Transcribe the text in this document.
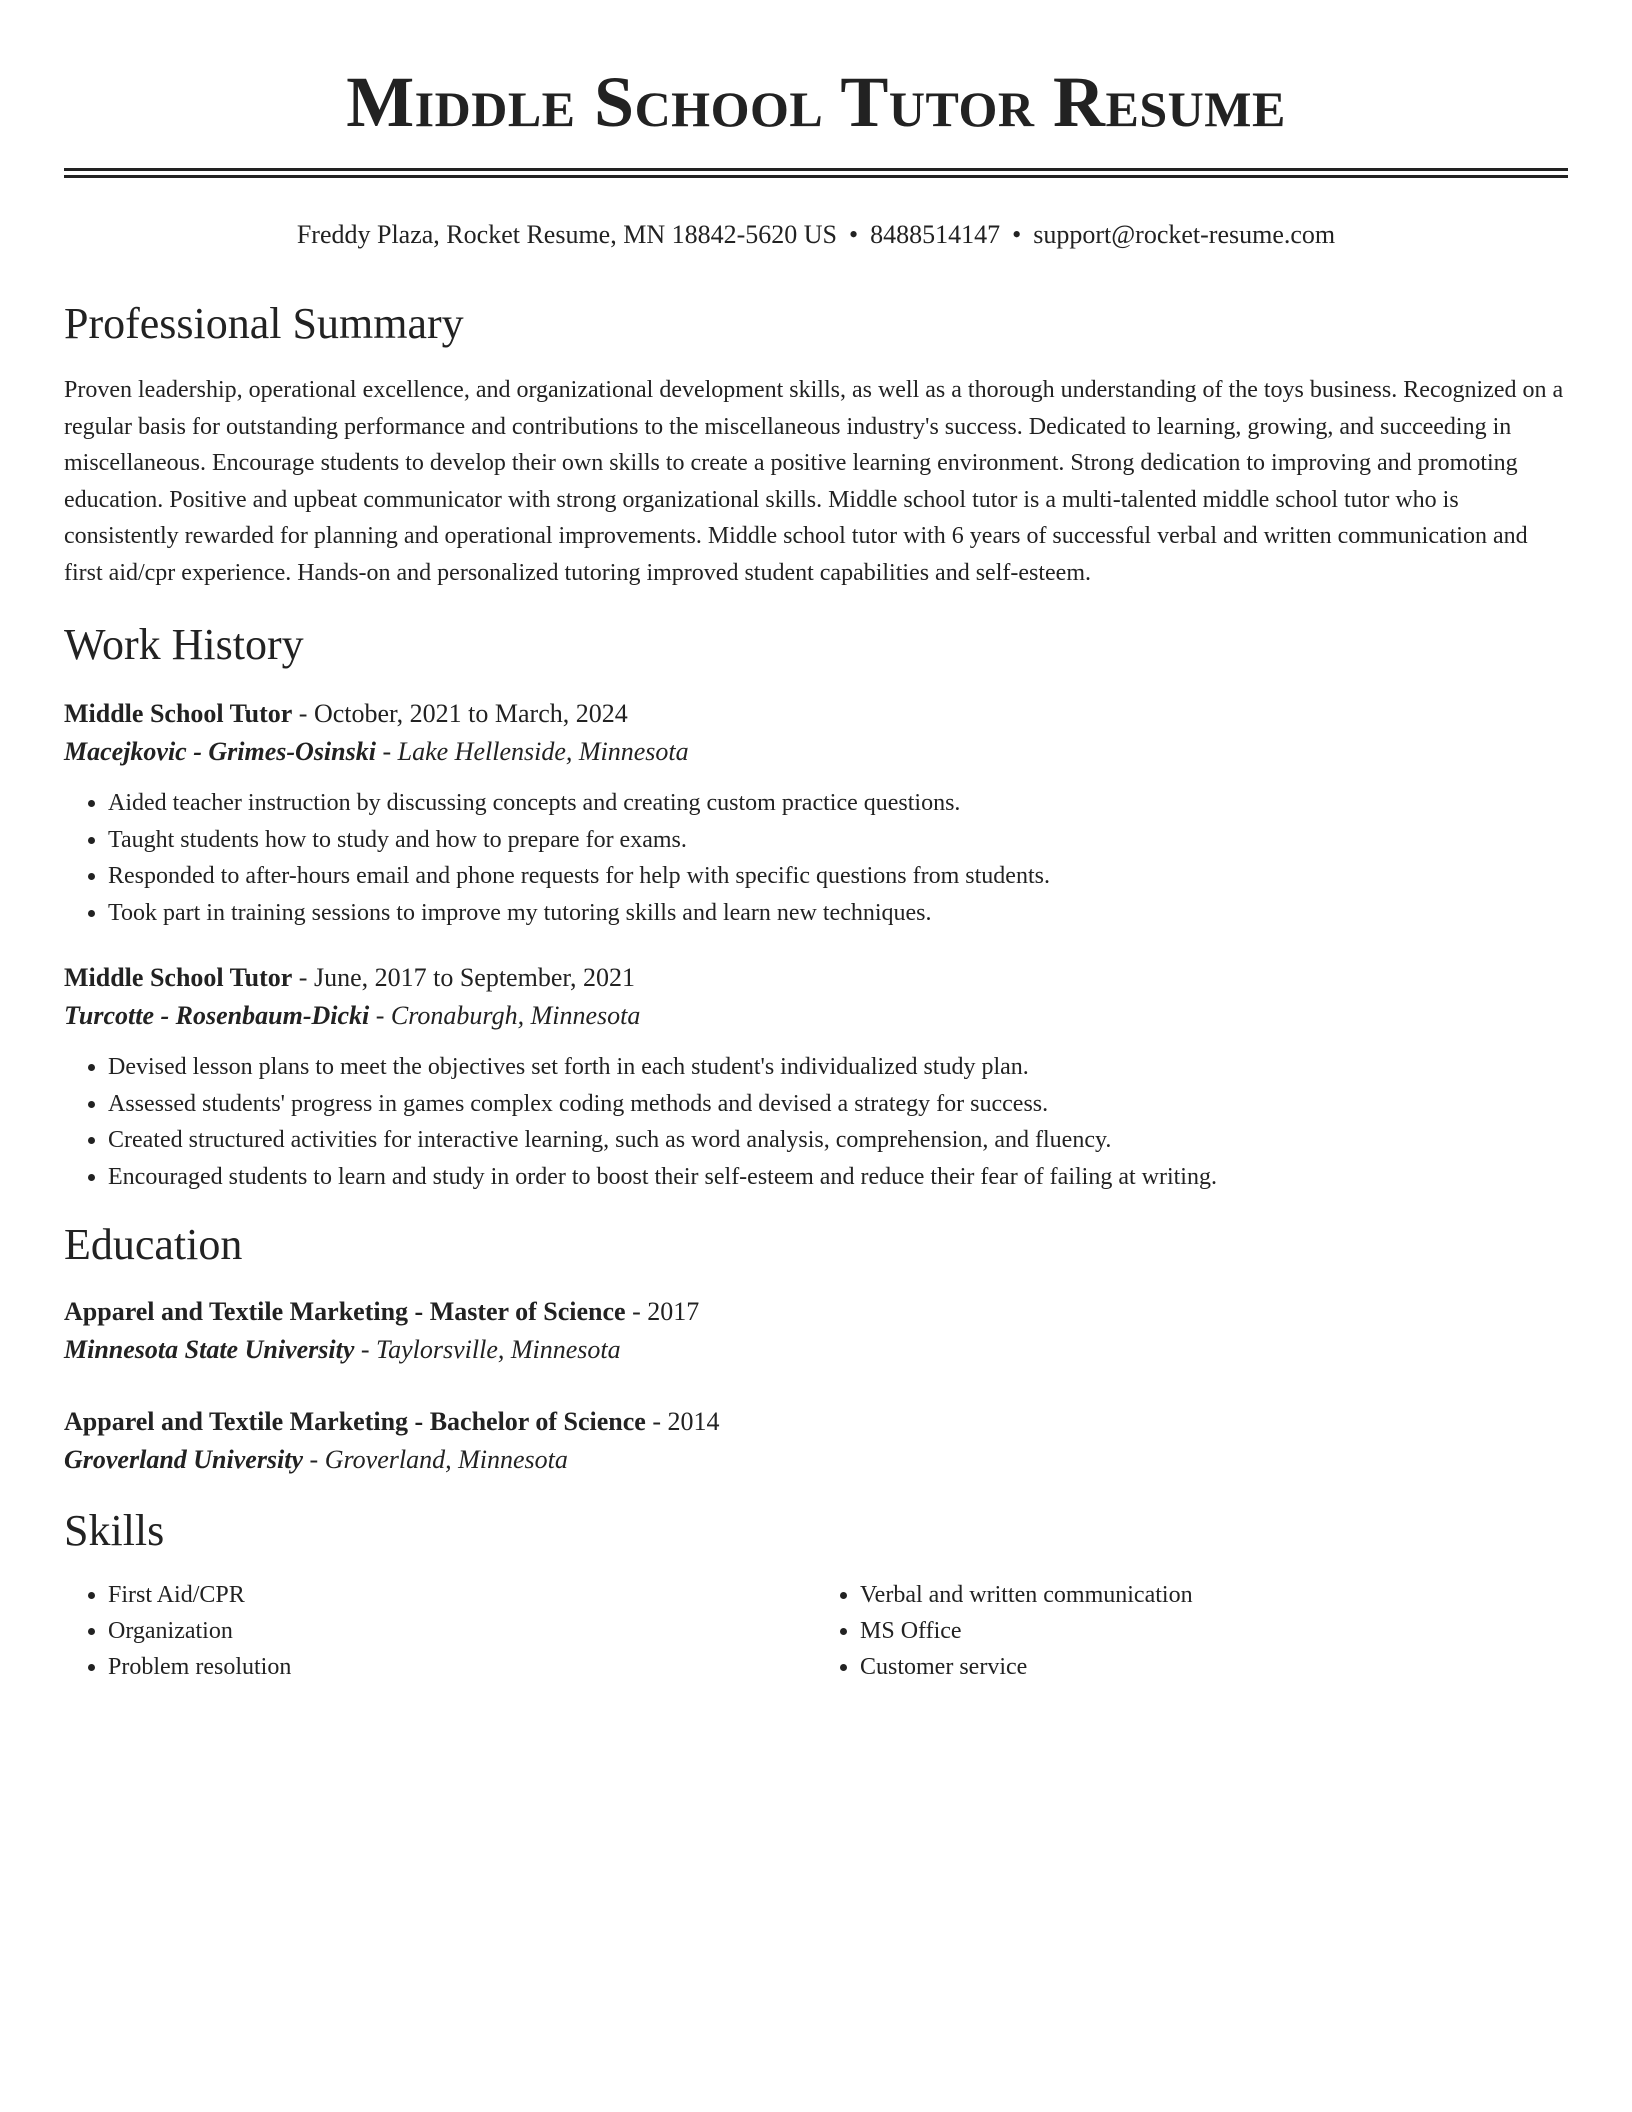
Middle School Tutor Resume
Freddy Plaza, Rocket Resume, MN 18842-5620 US • 8488514147 • support@rocket-resume.com
Professional Summary

Proven leadership, operational excellence, and organizational development skills, as well as a thorough understanding of the toys business. Recognized on a regular basis for outstanding performance and contributions to the miscellaneous industry's success. Dedicated to learning, growing, and succeeding in miscellaneous. Encourage students to develop their own skills to create a positive learning environment. Strong dedication to improving and promoting education. Positive and upbeat communicator with strong organizational skills. Middle school tutor is a multi-talented middle school tutor who is consistently rewarded for planning and operational improvements. Middle school tutor with 6 years of successful verbal and written communication and first aid/cpr experience. Hands-on and personalized tutoring improved student capabilities and self-esteem.

Work History
Middle School Tutor - October, 2021 to March, 2024
Macejkovic - Grimes-Osinski - Lake Hellenside, Minnesota
• Aided teacher instruction by discussing concepts and creating custom practice questions.
• Taught students how to study and how to prepare for exams.
• Responded to after-hours email and phone requests for help with specific questions from students.
• Took part in training sessions to improve my tutoring skills and learn new techniques.
Middle School Tutor - June, 2017 to September, 2021
Turcotte - Rosenbaum-Dicki - Cronaburgh, Minnesota
• Devised lesson plans to meet the objectives set forth in each student's individualized study plan.
• Assessed students' progress in games complex coding methods and devised a strategy for success.
• Created structured activities for interactive learning, such as word analysis, comprehension, and fluency.
• Encouraged students to learn and study in order to boost their self-esteem and reduce their fear of failing at writing.
Education
Apparel and Textile Marketing - Master of Science - 2017
Minnesota State University - Taylorsville, Minnesota
Apparel and Textile Marketing - Bachelor of Science - 2014
Groverland University - Groverland, Minnesota
Skills
• First Aid/CPR
• Organization
• Problem resolution
• Verbal and written communication
• MS Office
• Customer service
